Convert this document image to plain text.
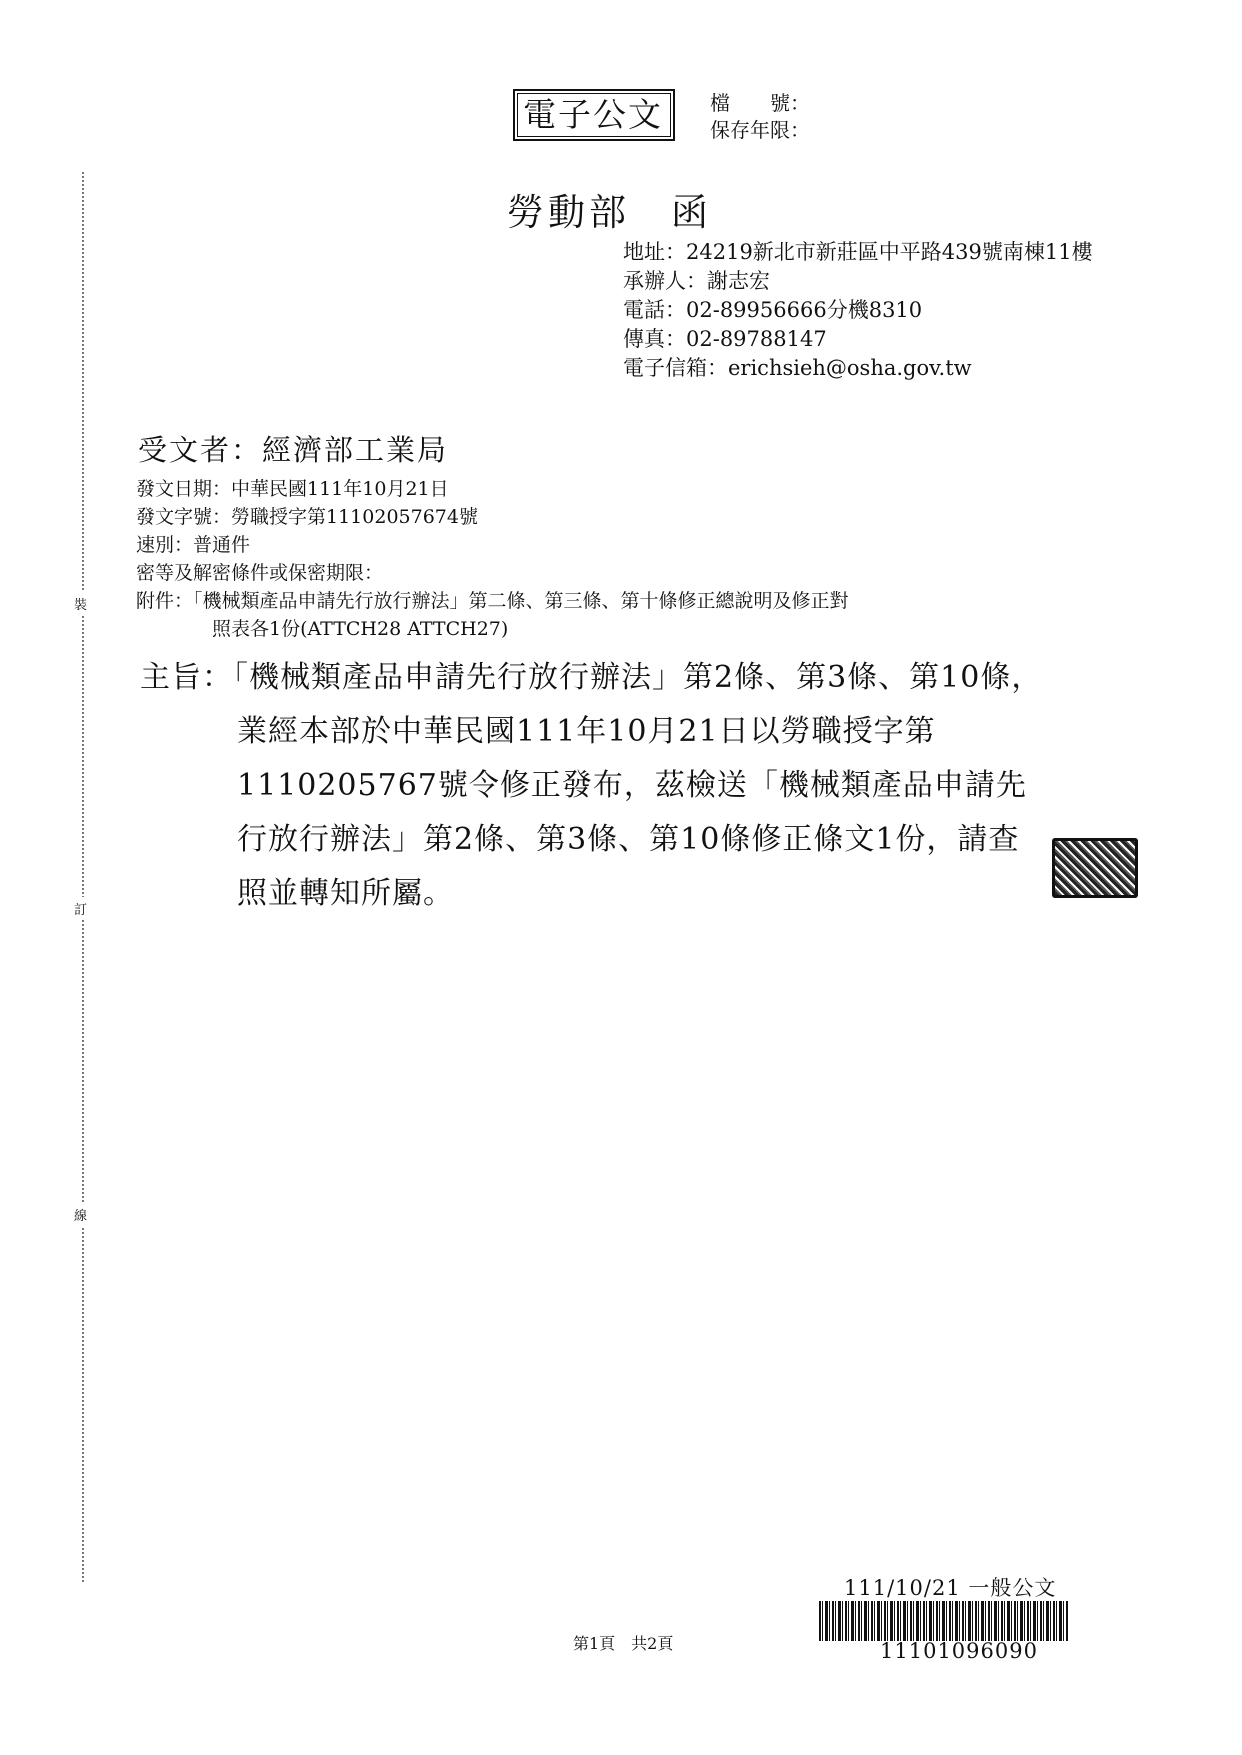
電子公文	檔　　號：
保存年限：
勞動部　函
地址：24219新北市新莊區中平路439號南棟11樓
承辦人：謝志宏
電話：02-89956666分機8310
傳真：02-89788147
電子信箱：erichsieh@osha.gov.tw
受文者：經濟部工業局
發文日期：中華民國111年10月21日
發文字號：勞職授字第11102057674號
速別：普通件
密等及解密條件或保密期限：
附件：「機械類產品申請先行放行辦法」第二條、第三條、第十條修正總說明及修正對
照表各1份(ATTCH28 ATTCH27)
主旨：「機械類產品申請先行放行辦法」第2條、第3條、第10條，
業經本部於中華民國111年10月21日以勞職授字第
1110205767號令修正發布，茲檢送「機械類產品申請先
行放行辦法」第2條、第3條、第10條修正條文1份，請查
照並轉知所屬。
裝
訂
線
第1頁　共2頁
111/10/21 一般公文
11101096090
